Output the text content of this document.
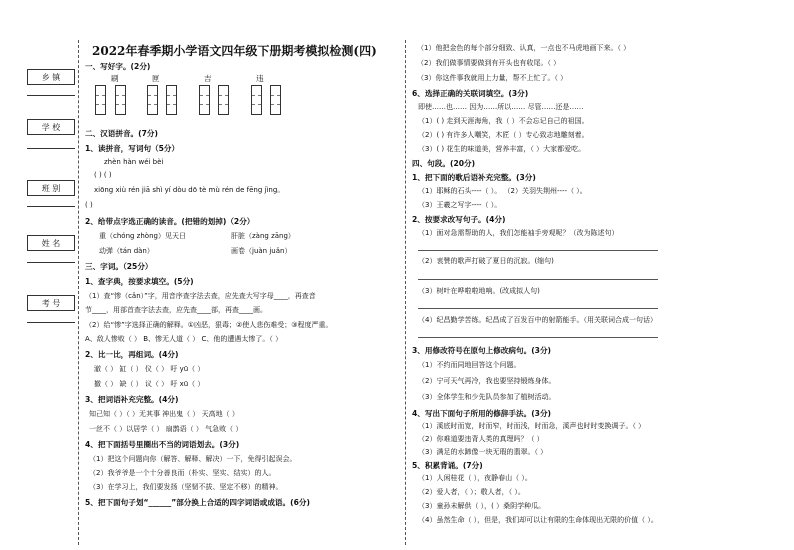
乡 镇
学 校
班 别
姓 名
考 号
2022年春季期小学语文四年级下册期考模拟检测(四)
一、写好字。(2分)
刷	匣	吉	违
二、汉语拼音。(7分)
1、读拼音，写词句（5分）
zhèn hàn wéi bèi
( ) ( )
xiōng xiù rén jiā shì yí dòu dō tè mù rén de fēng jìng。
( )
2、给带点字选正确的读音。(把错的划掉)（2分）
重（chóng zhòng）见天日	肝脏（zàng zāng）
动弹（tán dàn）	画卷（juàn juǎn）
三、字词。（25分）
1、查字典，按要求填空。(5分)
（1）查“惨（cǎn）”字，用音序查字法去查，应先查大写字母____，再查音
节____，用部首查字法去查，应先查____部，再查____画。
（2）给“惨”字选择正确的解释。①凶恶，狠毒；②使人悲伤难受；③程度严重。
A、敌人惨败（ ） B、惨无人道（ ） C、他的遭遇太惨了。（ ）
2、比一比，再组词。(4分)
澈（ ） 缸（ ） 仪（ ） 吁 yū（ ）
撤（ ） 缺（ ） 议（ ） 吁 xū（ ）
3、把词语补充完整。(4分)
知己知（ ）（ ）无其事 神出鬼（ ） 天高地（ ）
一丝不（ ）以居学（ ） 扇鹊语（ ） 气急败（ ）
4、把下面括号里圈出不当的词语划去。(3分)
（1）把这个问题向你（解答、解释、解决）一下，免得引起误会。
（2）我爷爷是一个十分善良而（朴实、坚实、结实）的人。
（3）在学习上，我们要发扬（坚韧不拔、坚定不移）的精神。
5、把下面句子划“______”部分换上合适的四字词语或成语。(6分)
（1）他把金色的每个部分细致、认真，一点也不马虎地画下来。（ ）
（2）我们做事情要做到有开头也有收尾。（ ）
（3）你这件事我就用上力量，帮不上忙了。（ ）
6、选择正确的关联词填空。(3分)
即使……也…… 因为……所以…… 尽管……还是……
（1）( ) 走到天涯海角，我（ ）不会忘记自己的祖国。
（2）( ) 有许多人嘲笑，木匠（ ）专心致志地雕刻着。
（3）( ) 花生的味道美，营养丰富，（ ）大家都爱吃。
四、句段。(20分)
1、把下面的歌后语补充完整。(3分)
（1）耶稣的石头----（ ）。 （2）关羽失荆州----（ ）。
（3）王羲之写字----（ ）。
2、按要求改写句子。(4分)
（1）面对急需帮助的人，我们怎能袖手旁观呢？（改为陈述句）
（2）衷赞的歌声打破了夏日的沉寂。(缩句)
（3）树叶在哗啦啦地响。(改成拟人句)
（4）纪昌勤学苦练。纪昌成了百发百中的射箭能手。（用关联词合成一句话）
3、用修改符号在原句上修改病句。(3分)
（1）不约而同地回答这个问题。
（2）宁可天气再冷，我也要坚持锻炼身体。
（3）全体学生和少先队员参加了植树活动。
4、写出下面句子所用的修辞手法。(3分)
（1）溪底时而宽，时而窄，时而浅，时而急，溪声也时时变换调子。（ ）
（2）你难道要违背人类的真理吗？（ ）
（3）满足的水蹄像一块无瑕的翡翠。（ ）
5、积累背诵。(7分)
（1）人闲桂花（ ），夜静春山（ ）。
（2）爱人者，（ ）；敬人者，（ ）。
（3）童孙未解供（ ），( ）桑阴学种瓜。
（4）虽然生命（ ），但是，我们却可以让有限的生命体现出无限的价值（ ）。
